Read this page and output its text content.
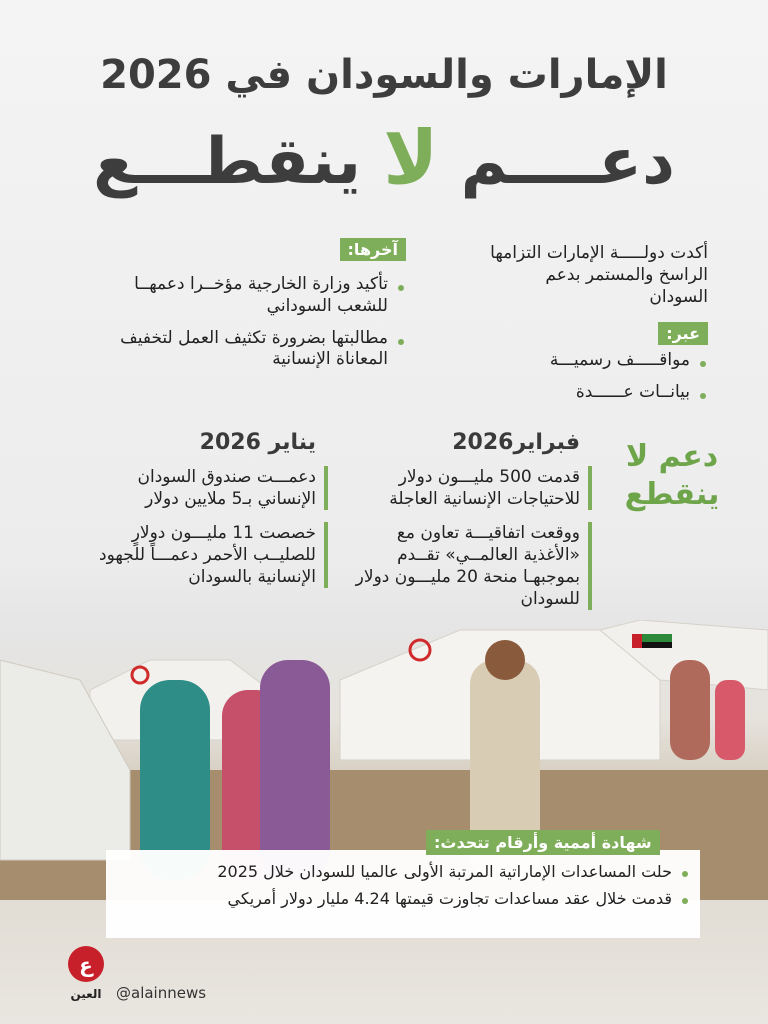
الإمارات والسودان في 2026
دعــــم لا ينقطـــع
أكدت دولـــــة الإمارات التزامها الراسخ والمستمر بدعم السودان
عبر:
مواقـــــف رسميـــة
بيانــات عــــــدة
آخرها:
تأكيد وزارة الخارجية مؤخــرا دعمهــا للشعب السوداني
مطالبتها بضرورة تكثيف العمل لتخفيف المعاناة الإنسانية
دعم لا ينقطع
فبراير2026
قدمت 500 مليـــون دولار للاحتياجات الإنسانية العاجلة
ووقعت اتفاقيـــة تعاون مع «الأغذية العالمــي» تقــدم بموجبهـا منحة 20 مليـــون دولار للسودان
يناير 2026
دعمـــت صندوق السودان الإنساني بـ5 ملايين دولار
خصصت 11 مليـــون دولارٍ للصليــب الأحمر دعمـــاً للجهود الإنسانية بالسودان
حلت المساعدات الإماراتية المرتبة الأولى عالميا للسودان خلال 2025
قدمت خلال عقد مساعدات تجاوزت قيمتها 4.24 مليار دولار أمريكي
شهادة أممية وأرقام تتحدث:
ع
العين @alainnews
